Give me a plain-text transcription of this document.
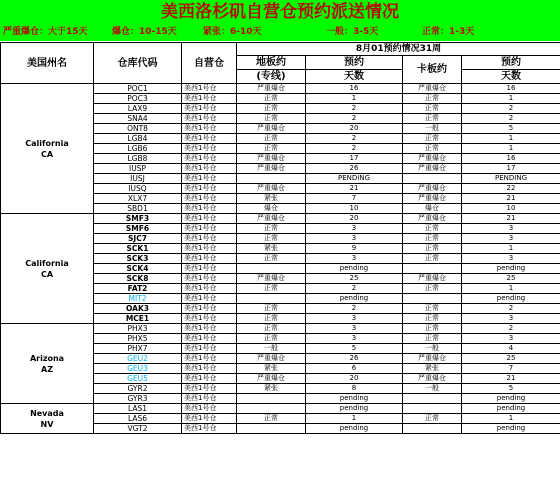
美西洛杉矶自营仓预约派送情况
严重爆仓：大于15天	爆仓：10-15天	紧张：6-10天	一般：3-5天	正常：1-3天
美国州名	仓库代码	自营仓	8月01预约情况31周			
			地板约	预约	卡板约	预约
			(专线)	天数		天数

California
CA	POC1	美西1号仓	严重爆仓	16	严重爆仓	16
	POC3	美西1号仓	正常	1	正常	1
	LAX9	美西1号仓	正常	2	正常	2
	SNA4	美西1号仓	正常	2	正常	2
	ONT8	美西1号仓	严重爆仓	20	一般	5
	LGB4	美西1号仓	正常	2	正常	1
	LGB6	美西1号仓	正常	2	正常	1
	LGB8	美西1号仓	严重爆仓	17	严重爆仓	16
	IUSP	美西1号仓	严重爆仓	26	严重爆仓	17
	IUSJ	美西1号仓		PENDING		PENDING
	IUSQ	美西1号仓	严重爆仓	21	严重爆仓	22
	XLX7	美西1号仓	紧张	7	严重爆仓	21
	SBD1	美西1号仓	爆仓	10	爆仓	10

California
CA	SMF3	美西1号仓	严重爆仓	20	严重爆仓	21
	SMF6	美西1号仓	正常	3	正常	3
	SJC7	美西1号仓	正常	3	正常	3
	SCK1	美西1号仓	紧张	9	正常	1
	SCK3	美西1号仓	正常	3	正常	3
	SCK4	美西1号仓		pending		pending
	SCK8	美西1号仓	严重爆仓	25	严重爆仓	25
	FAT2	美西1号仓	正常	2	正常	1
	MIT2	美西1号仓		pending		pending
	OAK3	美西1号仓	正常	2	正常	2
	MCE1	美西1号仓	正常	3	正常	3

Arizona
AZ	PHX3	美西1号仓	正常	3	正常	2
	PHX5	美西1号仓	正常	3	正常	3
	PHX7	美西1号仓	一般	5	一般	4
	GEU2	美西1号仓	严重爆仓	26	严重爆仓	25
	GEU3	美西1号仓	紧张	6	紧张	7
	GEU5	美西1号仓	严重爆仓	20	严重爆仓	21
	GYR2	美西1号仓	紧张	8	一般	5
	GYR3	美西1号仓		pending		pending

Nevada
NV	LAS1	美西1号仓		pending		pending
	LAS6	美西1号仓	正常	1	正常	1
	VGT2	美西1号仓		pending		pending
